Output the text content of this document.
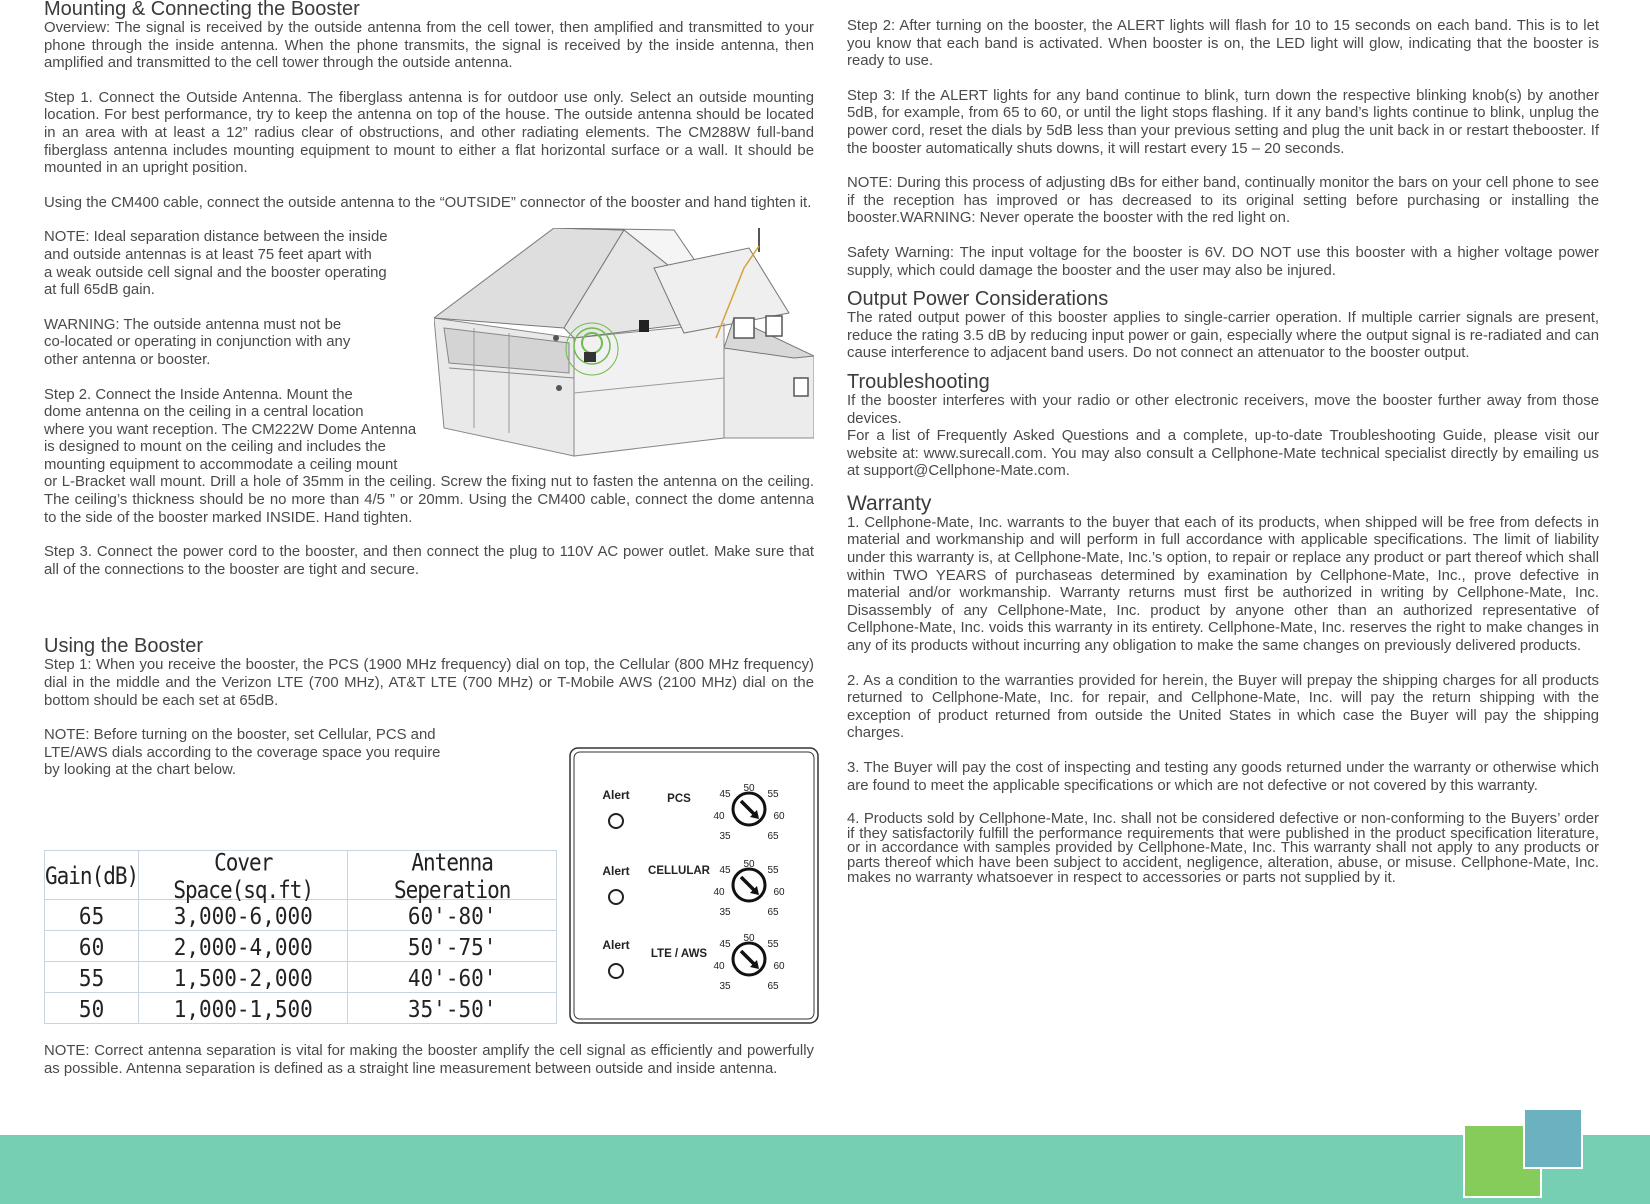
Mounting & Connecting the Booster

Overview: The signal is received by the outside antenna from the cell tower, then amplified and transmitted to your phone through the inside antenna. When the phone transmits, the signal is received by the inside antenna, then amplified and transmitted to the cell tower through the outside antenna.

Step 1. Connect the Outside Antenna. The fiberglass antenna is for outdoor use only. Select an outside mounting location. For best performance, try to keep the antenna on top of the house. The outside antenna should be located in an area with at least a 12” radius clear of obstructions, and other radiating elements. The CM288W full-band fiberglass antenna includes mounting equipment to mount to either a flat horizontal surface or a wall. It should be mounted in an upright position.

Using the CM400 cable, connect the outside antenna to the “OUTSIDE” connector of the booster and hand tighten it.

NOTE: Ideal separation distance between the inside

and outside antennas is at least 75 feet apart with

a weak outside cell signal and the booster operating

at full 65dB gain.

WARNING: The outside antenna must not be

co-located or operating in conjunction with any

other antenna or booster.

Step 2. Connect the Inside Antenna. Mount the

dome antenna on the ceiling in a central location

where you want reception. The CM222W Dome Antenna

is designed to mount on the ceiling and includes the

mounting equipment to accommodate a ceiling mount

or L-Bracket wall mount. Drill a hole of 35mm in the ceiling. Screw the fixing nut to fasten the antenna on the ceiling. The ceiling’s thickness should be no more than 4/5 ” or 20mm. Using the CM400 cable, connect the dome antenna to the side of the booster marked INSIDE. Hand tighten.

Step 3. Connect the power cord to the booster, and then connect the plug to 110V AC power outlet. Make sure that all of the connections to the booster are tight and secure.

Using the Booster

Step 1: When you receive the booster, the PCS (1900 MHz frequency) dial on top, the Cellular (800 MHz frequency) dial in the middle and the Verizon LTE (700 MHz), AT&T LTE (700 MHz) or T-Mobile AWS (2100 MHz) dial on the bottom should be each set at 65dB.

NOTE: Before turning on the booster, set Cellular, PCS and

LTE/AWS dials according to the coverage space you require

by looking at the chart below.

Gain(dB)	Cover Space(sq.ft)	Antenna Seperation
65	3,000-6,000	60'-80'
60	2,000-4,000	50'-75'
55	1,500-2,000	40'-60'
50	1,000-1,500	35'-50'
Alert	PCS
50
45	55
40	60
35	65
Alert CELLULAR
50
45	55
40	60
35	65
Alert
LTE / AWS
50
45	55
40	60
35	65

NOTE: Correct antenna separation is vital for making the booster amplify the cell signal as efficiently and powerfully as possible. Antenna separation is defined as a straight line measurement between outside and inside antenna.

Step 2: After turning on the booster, the ALERT lights will flash for 10 to 15 seconds on each band. This is to let you know that each band is activated. When booster is on, the LED light will glow, indicating that the booster is ready to use.

Step 3: If the ALERT lights for any band continue to blink, turn down the respective blinking knob(s) by another 5dB, for example, from 65 to 60, or until the light stops flashing. If it any band’s lights continue to blink, unplug the power cord, reset the dials by 5dB less than your previous setting and plug the unit back in or restart thebooster. If the booster automatically shuts downs, it will restart every 15 – 20 seconds.

NOTE: During this process of adjusting dBs for either band, continually monitor the bars on your cell phone to see if the reception has improved or has decreased to its original setting before purchasing or installing the booster.WARNING: Never operate the booster with the red light on.

Safety Warning: The input voltage for the booster is 6V. DO NOT use this booster with a higher voltage power supply, which could damage the booster and the user may also be injured.

Output Power Considerations

The rated output power of this booster applies to single-carrier operation. If multiple carrier signals are present, reduce the rating 3.5 dB by reducing input power or gain, especially where the output signal is re-radiated and can cause interference to adjacent band users. Do not connect an attenuator to the booster output.

Troubleshooting

If the booster interferes with your radio or other electronic receivers, move the booster further away from those devices.

For a list of Frequently Asked Questions and a complete, up-to-date Troubleshooting Guide, please visit our website at: www.surecall.com. You may also consult a Cellphone-Mate technical specialist directly by emailing us at support@Cellphone-Mate.com.

Warranty

1. Cellphone-Mate, Inc. warrants to the buyer that each of its products, when shipped will be free from defects in material and workmanship and will perform in full accordance with applicable specifications. The limit of liability under this warranty is, at Cellphone-Mate, Inc.’s option, to repair or replace any product or part thereof which shall within TWO YEARS of purchaseas determined by examination by Cellphone-Mate, Inc., prove defective in material and/or workmanship. Warranty returns must first be authorized in writing by Cellphone-Mate, Inc. Disassembly of any Cellphone-Mate, Inc. product by anyone other than an authorized representative of Cellphone-Mate, Inc. voids this warranty in its entirety. Cellphone-Mate, Inc. reserves the right to make changes in any of its products without incurring any obligation to make the same changes on previously delivered products.

2. As a condition to the warranties provided for herein, the Buyer will prepay the shipping charges for all products returned to Cellphone-Mate, Inc. for repair, and Cellphone-Mate, Inc. will pay the return shipping with the exception of product returned from outside the United States in which case the Buyer will pay the shipping charges.

3. The Buyer will pay the cost of inspecting and testing any goods returned under the warranty or otherwise which are found to meet the applicable specifications or which are not defective or not covered by this warranty.

4. Products sold by Cellphone-Mate, Inc. shall not be considered defective or non-conforming to the Buyers’ order if they satisfactorily fulfill the performance requirements that were published in the product specification literature, or in accordance with samples provided by Cellphone-Mate, Inc. This warranty shall not apply to any products or parts thereof which have been subject to accident, negligence, alteration, abuse, or misuse. Cellphone-Mate, Inc. makes no warranty whatsoever in respect to accessories or parts not supplied by it.
